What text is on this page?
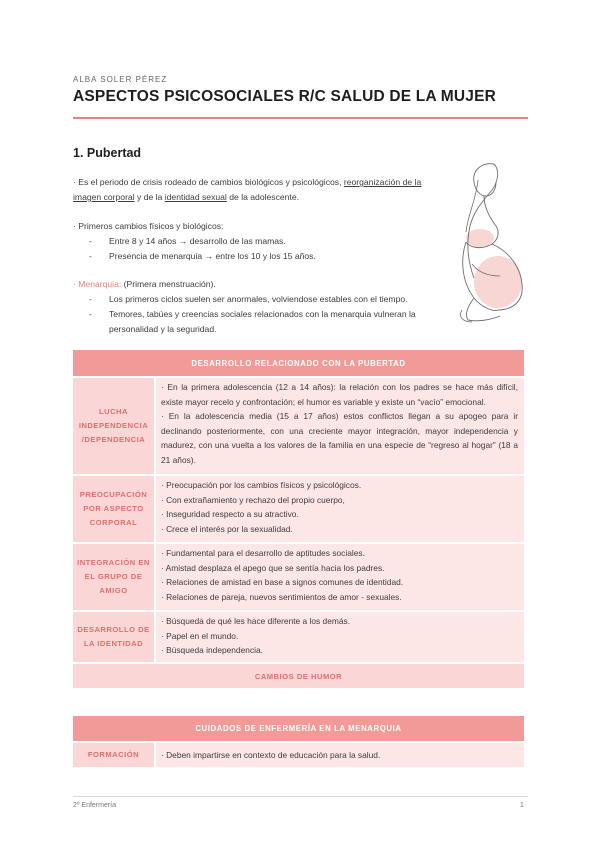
ALBA SOLER PÉREZ
ASPECTOS PSICOSOCIALES R/C SALUD DE LA MUJER
1. Pubertad
· Es el periodo de crisis rodeado de cambios biológicos y psicológicos, reorganización de la imagen corporal y de la identidad sexual de la adolescente.
· Primeros cambios físicos y biológicos:
- Entre 8 y 14 años → desarrollo de las mamas.
- Presencia de menarquia → entre los 10 y los 15 años.
· Menarquia: (Primera menstruación).
- Los primeros ciclos suelen ser anormales, volviendose estables con el tiempo.
- Temores, tabúes y creencias sociales relacionados con la menarquia vulneran la personalidad y la seguridad.
DESARROLLO RELACIONADO CON LA PUBERTAD
LUCHA INDEPENDENCIA /DEPENDENCIA
· En la primera adolescencia (12 a 14 años): la relación con los padres se hace más difícil, existe mayor recelo y confrontación; el humor es variable y existe un “vacío” emocional.
· En la adolescencia media (15 a 17 años) estos conflictos llegan a su apogeo para ir declinando posteriormente, con una creciente mayor integración, mayor independencia y madurez, con una vuelta a los valores de la familia en una especie de “regreso al hogar” (18 a 21 años).
PREOCUPACIÓN POR ASPECTO CORPORAL
· Preocupación por los cambios físicos y psicológicos.
· Con extrañamiento y rechazo del propio cuerpo,
· Inseguridad respecto a su atractivo.
· Crece el interés por la sexualidad.
INTEGRACIÓN EN EL GRUPO DE AMIGO
· Fundamental para el desarrollo de aptitudes sociales.
· Amistad desplaza el apego que se sentía hacia los padres.
· Relaciones de amistad en base a signos comunes de identidad.
· Relaciones de pareja, nuevos sentimientos de amor - sexuales.
DESARROLLO DE LA IDENTIDAD
· Búsqueda de qué les hace diferente a los demás.
· Papel en el mundo.
· Búsqueda independencia.
CAMBIOS DE HUMOR
CUIDADOS DE ENFERMERÍA EN LA MENARQUIA
FORMACIÓN	· Deben impartirse en contexto de educación para la salud.
2º Enfermería	1
